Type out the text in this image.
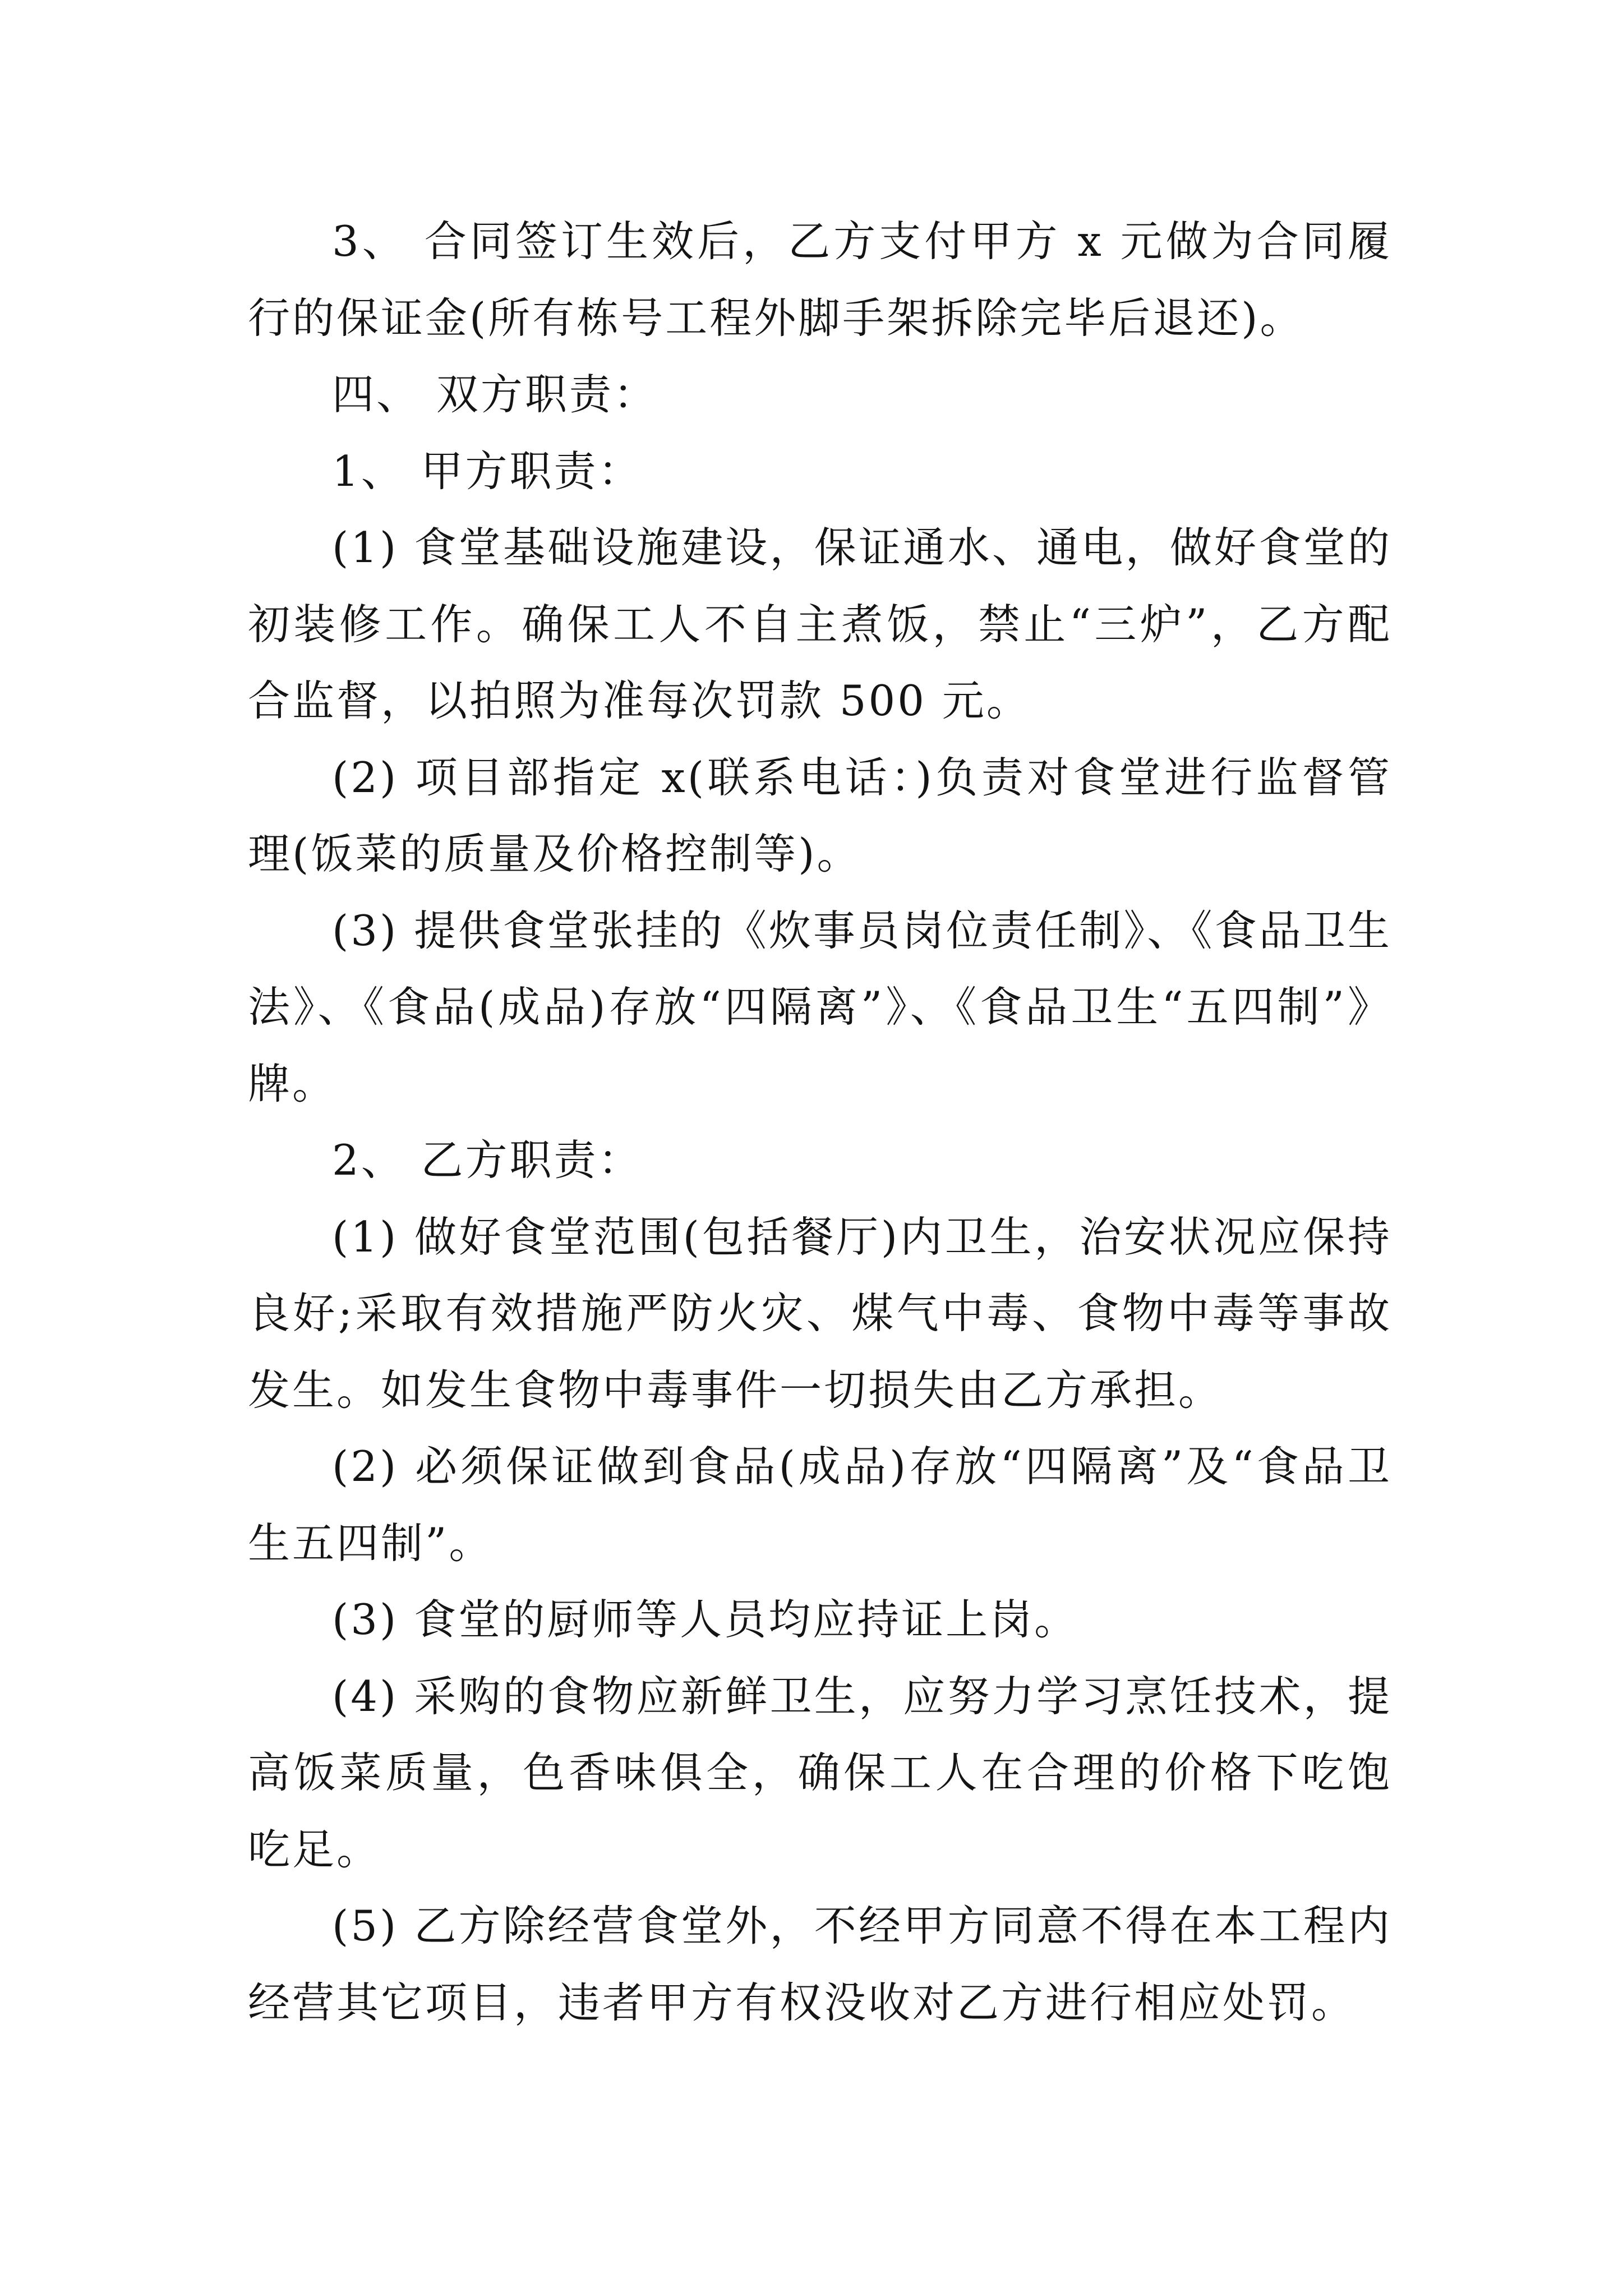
3、 合同签订生效后，乙方支付甲方 x 元做为合同履行的保证金(所有栋号工程外脚手架拆除完毕后退还)。

四、 双方职责：

1、 甲方职责：

(1) 食堂基础设施建设，保证通水、通电，做好食堂的初装修工作。确保工人不自主煮饭，禁止“三炉”，乙方配合监督，以拍照为准每次罚款 500 元。

(2) 项目部指定 x(联系电话：)负责对食堂进行监督管理(饭菜的质量及价格控制等)。

(3) 提供食堂张挂的《炊事员岗位责任制》、《食品卫生法》、《食品(成品)存放“四隔离”》、《食品卫生“五四制”》牌。

2、 乙方职责：

(1) 做好食堂范围(包括餐厅)内卫生，治安状况应保持良好;采取有效措施严防火灾、煤气中毒、食物中毒等事故发生。如发生食物中毒事件一切损失由乙方承担。

(2) 必须保证做到食品(成品)存放“四隔离”及“食品卫生五四制”。

(3) 食堂的厨师等人员均应持证上岗。

(4) 采购的食物应新鲜卫生，应努力学习烹饪技术，提高饭菜质量，色香味俱全，确保工人在合理的价格下吃饱吃足。

(5) 乙方除经营食堂外，不经甲方同意不得在本工程内经营其它项目，违者甲方有权没收对乙方进行相应处罚。
